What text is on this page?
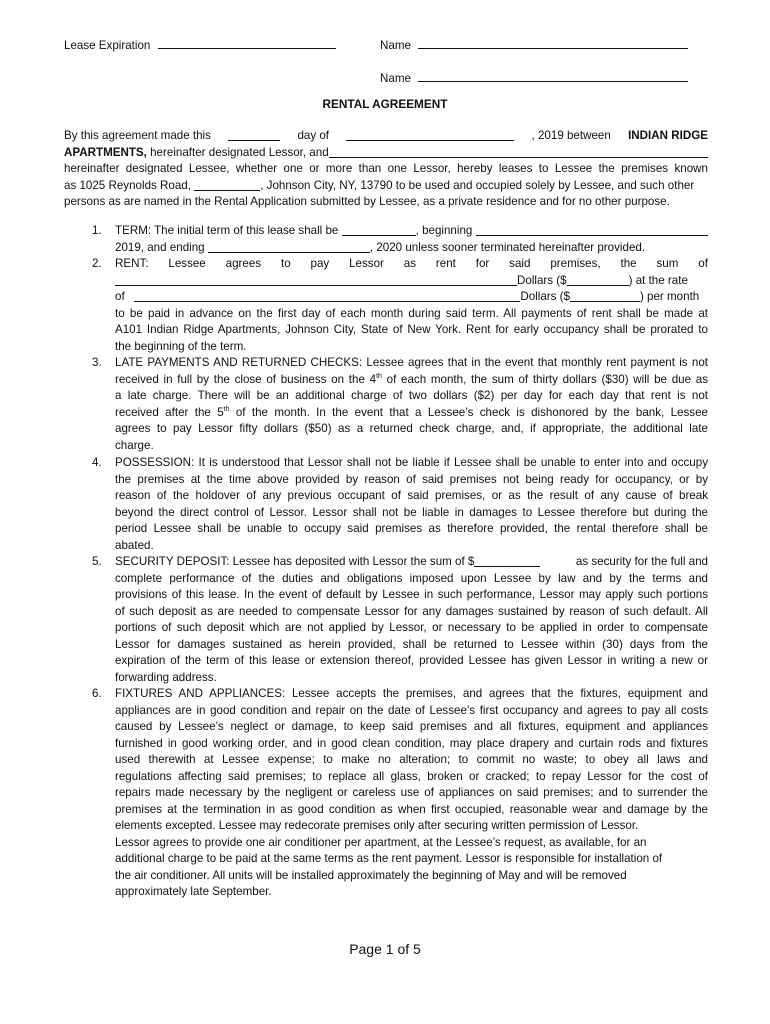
Lease Expiration	Name
Name
RENTAL AGREEMENT
By this agreement made this	day of	, 2019 between INDIAN RIDGE
APARTMENTS,
hereinafter designated Lessor, and
hereinafter designated Lessee, whether one or more than one Lessor, hereby leases to Lessee the premises known
as 1025 Reynolds Road,
	, Johnson City, NY, 13790 to be used and occupied solely by Lessee, and such other
persons as are named in the Rental Application submitted by Lessee, as a private residence and for no other purpose.
1. TERM: The initial term of this lease shall be
	, beginning

2019, and ending
	, 2020 unless sooner terminated hereinafter provided.
2. RENT: Lessee agrees to pay Lessor as rent for said premises, the sum of
Dollars ($	) at the rate
of
	Dollars ($	) per month
to be paid in advance on the first day of each month during said term. All payments of rent shall be made at
A101 Indian Ridge Apartments, Johnson City, State of New York. Rent for early occupancy shall be prorated to
the beginning of the term.
3. LATE PAYMENTS AND RETURNED CHECKS: Lessee agrees that in the event that monthly rent payment is not
received in full by the close of business on the 4th of each month, the sum of thirty dollars ($30) will be due as
a late charge. There will be an additional charge of two dollars ($2) per day for each day that rent is not
received after the 5th of the month. In the event that a Lessee’s check is dishonored by the bank, Lessee
agrees to pay Lessor fifty dollars ($50) as a returned check charge, and, if appropriate, the additional late
charge.
4. POSSESSION: It is understood that Lessor shall not be liable if Lessee shall be unable to enter into and occupy
the premises at the time above provided by reason of said premises not being ready for occupancy, or by
reason of the holdover of any previous occupant of said premises, or as the result of any cause of break
beyond the direct control of Lessor. Lessor shall not be liable in damages to Lessee therefore but during the
period Lessee shall be unable to occupy said premises as therefore provided, the rental therefore shall be
abated.
5. SECURITY DEPOSIT: Lessee has deposited with Lessor the sum of $	as security for the full and
complete performance of the duties and obligations imposed upon Lessee by law and by the terms and
provisions of this lease. In the event of default by Lessee in such performance, Lessor may apply such portions
of such deposit as are needed to compensate Lessor for any damages sustained by reason of such default. All
portions of such deposit which are not applied by Lessor, or necessary to be applied in order to compensate
Lessor for damages sustained as herein provided, shall be returned to Lessee within (30) days from the
expiration of the term of this lease or extension thereof, provided Lessee has given Lessor in writing a new or
forwarding address.
6. FIXTURES AND APPLIANCES: Lessee accepts the premises, and agrees that the fixtures, equipment and
appliances are in good condition and repair on the date of Lessee’s first occupancy and agrees to pay all costs
caused by Lessee’s neglect or damage, to keep said premises and all fixtures, equipment and appliances
furnished in good working order, and in good clean condition, may place drapery and curtain rods and fixtures
used therewith at Lessee expense; to make no alteration; to commit no waste; to obey all laws and
regulations affecting said premises; to replace all glass, broken or cracked; to repay Lessor for the cost of
repairs made necessary by the negligent or careless use of appliances on said premises; and to surrender the
premises at the termination in as good condition as when first occupied, reasonable wear and damage by the
elements excepted. Lessee may redecorate premises only after securing written permission of Lessor.
Lessor agrees to provide one air conditioner per apartment, at the Lessee’s request, as available, for an
additional charge to be paid at the same terms as the rent payment. Lessor is responsible for installation of
the air conditioner. All units will be installed approximately the beginning of May and will be removed
approximately late September.
Page 1 of 5
